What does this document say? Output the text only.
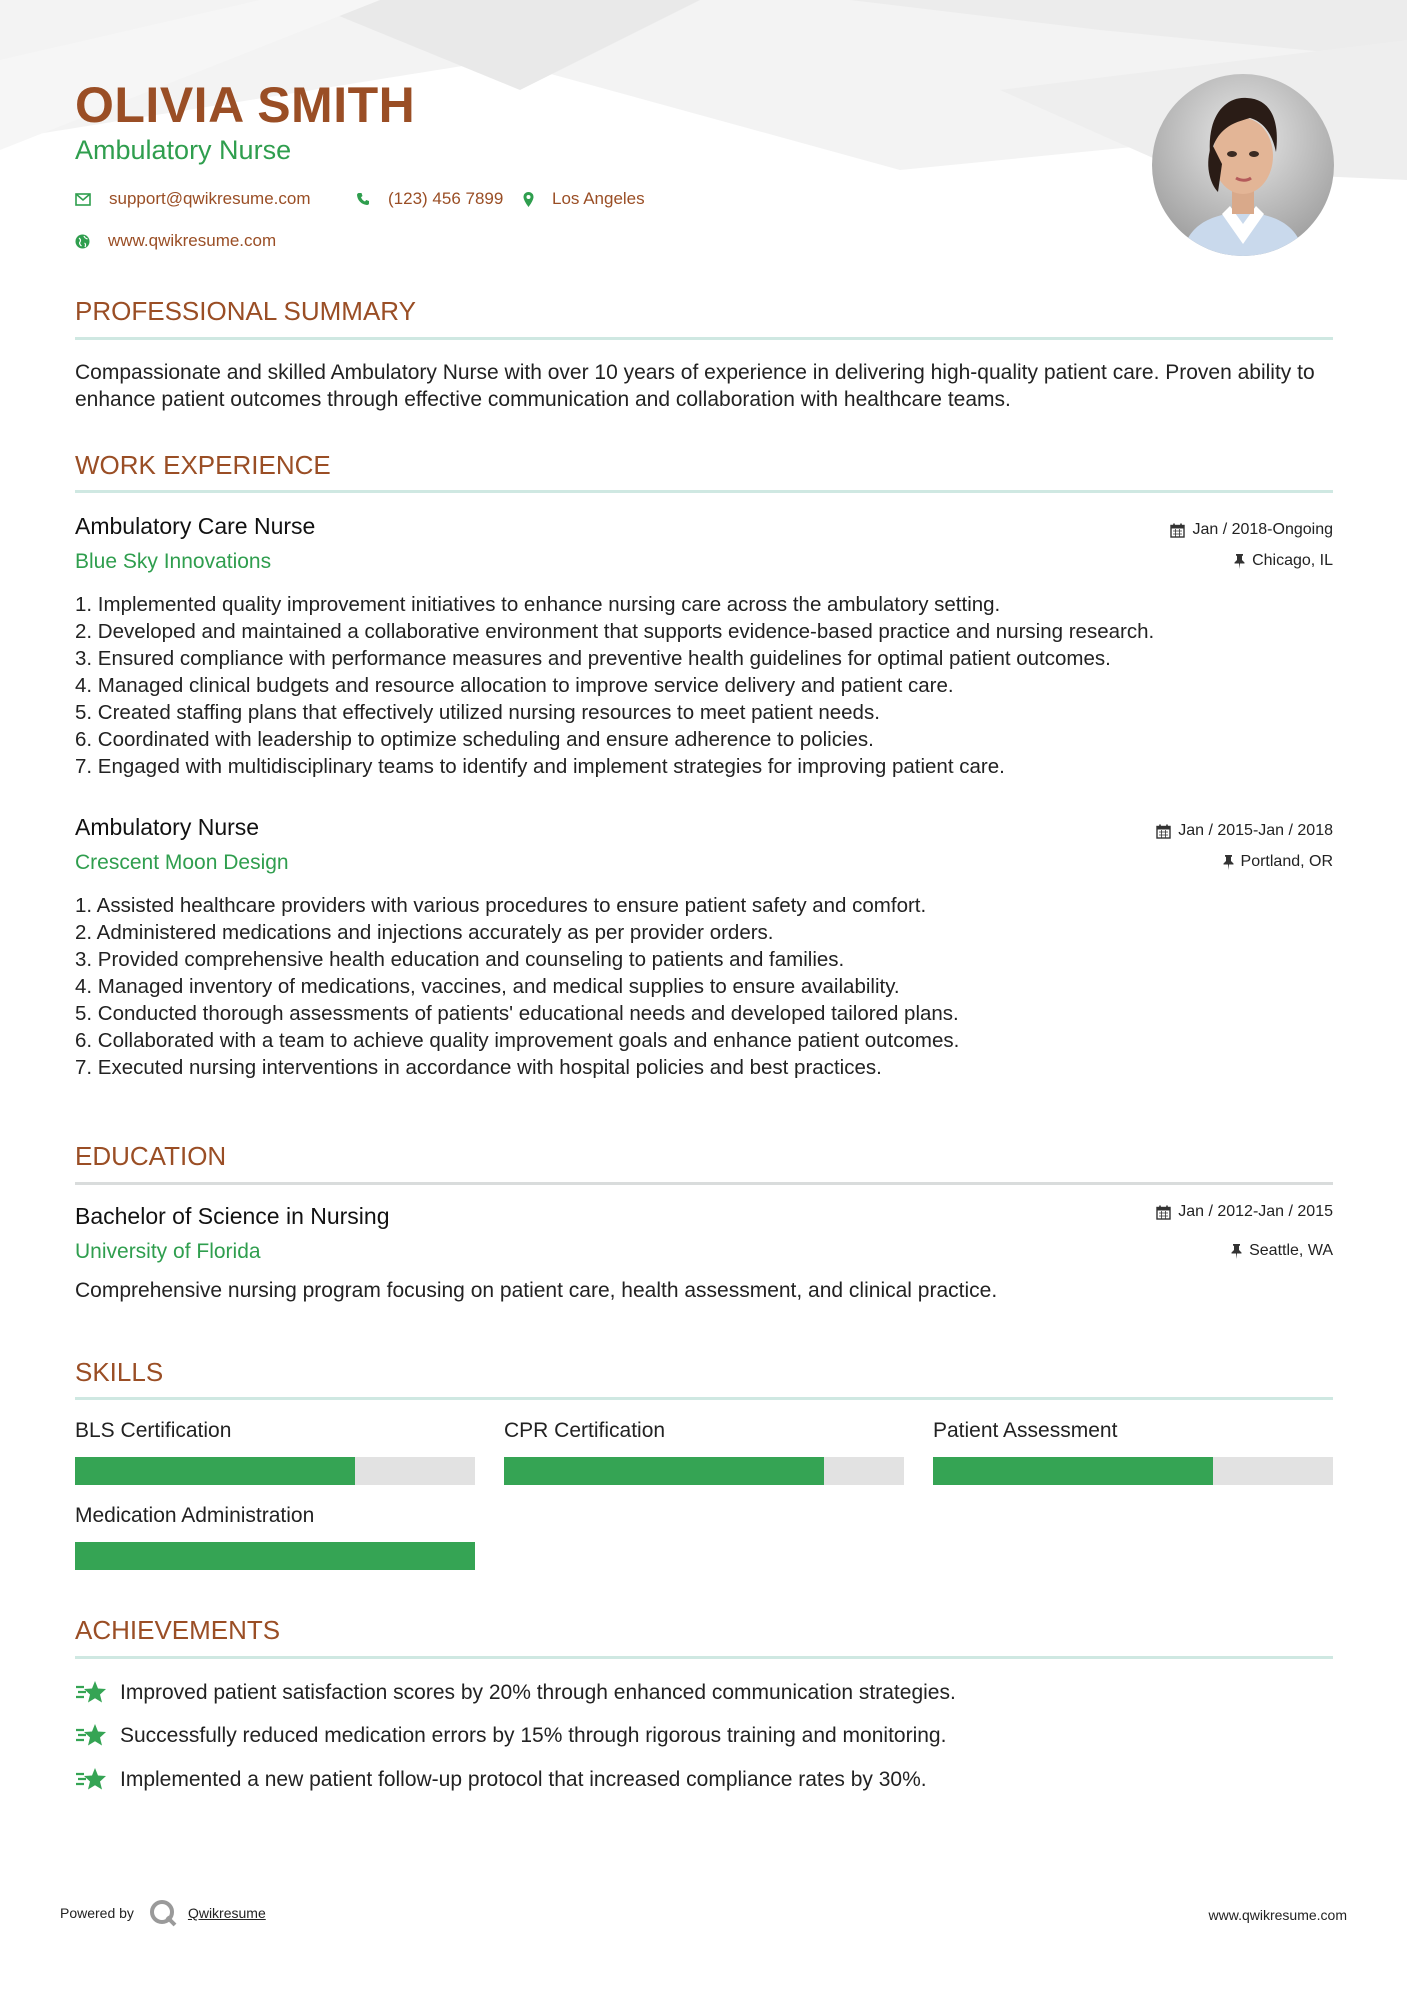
OLIVIA SMITH
Ambulatory Nurse
support@qwikresume.com	(123) 456 7899	Los Angeles
www.qwikresume.com
PROFESSIONAL SUMMARY
Compassionate and skilled Ambulatory Nurse with over 10 years of experience in delivering high-quality patient care. Proven ability to enhance patient outcomes through effective communication and collaboration with healthcare teams.
WORK EXPERIENCE
Ambulatory Care Nurse
Blue Sky Innovations
Jan / 2018-Ongoing
Chicago, IL
1. Implemented quality improvement initiatives to enhance nursing care across the ambulatory setting.
2. Developed and maintained a collaborative environment that supports evidence-based practice and nursing research.
3. Ensured compliance with performance measures and preventive health guidelines for optimal patient outcomes.
4. Managed clinical budgets and resource allocation to improve service delivery and patient care.
5. Created staffing plans that effectively utilized nursing resources to meet patient needs.
6. Coordinated with leadership to optimize scheduling and ensure adherence to policies.
7. Engaged with multidisciplinary teams to identify and implement strategies for improving patient care.
Ambulatory Nurse
Crescent Moon Design
Jan / 2015-Jan / 2018
Portland, OR
1. Assisted healthcare providers with various procedures to ensure patient safety and comfort.
2. Administered medications and injections accurately as per provider orders.
3. Provided comprehensive health education and counseling to patients and families.
4. Managed inventory of medications, vaccines, and medical supplies to ensure availability.
5. Conducted thorough assessments of patients' educational needs and developed tailored plans.
6. Collaborated with a team to achieve quality improvement goals and enhance patient outcomes.
7. Executed nursing interventions in accordance with hospital policies and best practices.
EDUCATION
Bachelor of Science in Nursing
University of Florida
Jan / 2012-Jan / 2015
Seattle, WA
Comprehensive nursing program focusing on patient care, health assessment, and clinical practice.
SKILLS
BLS Certification	CPR Certification	Patient Assessment
Medication Administration
ACHIEVEMENTS
Improved patient satisfaction scores by 20% through enhanced communication strategies.
Successfully reduced medication errors by 15% through rigorous training and monitoring.
Implemented a new patient follow-up protocol that increased compliance rates by 30%.
Powered by	Qwikresume	www.qwikresume.com
